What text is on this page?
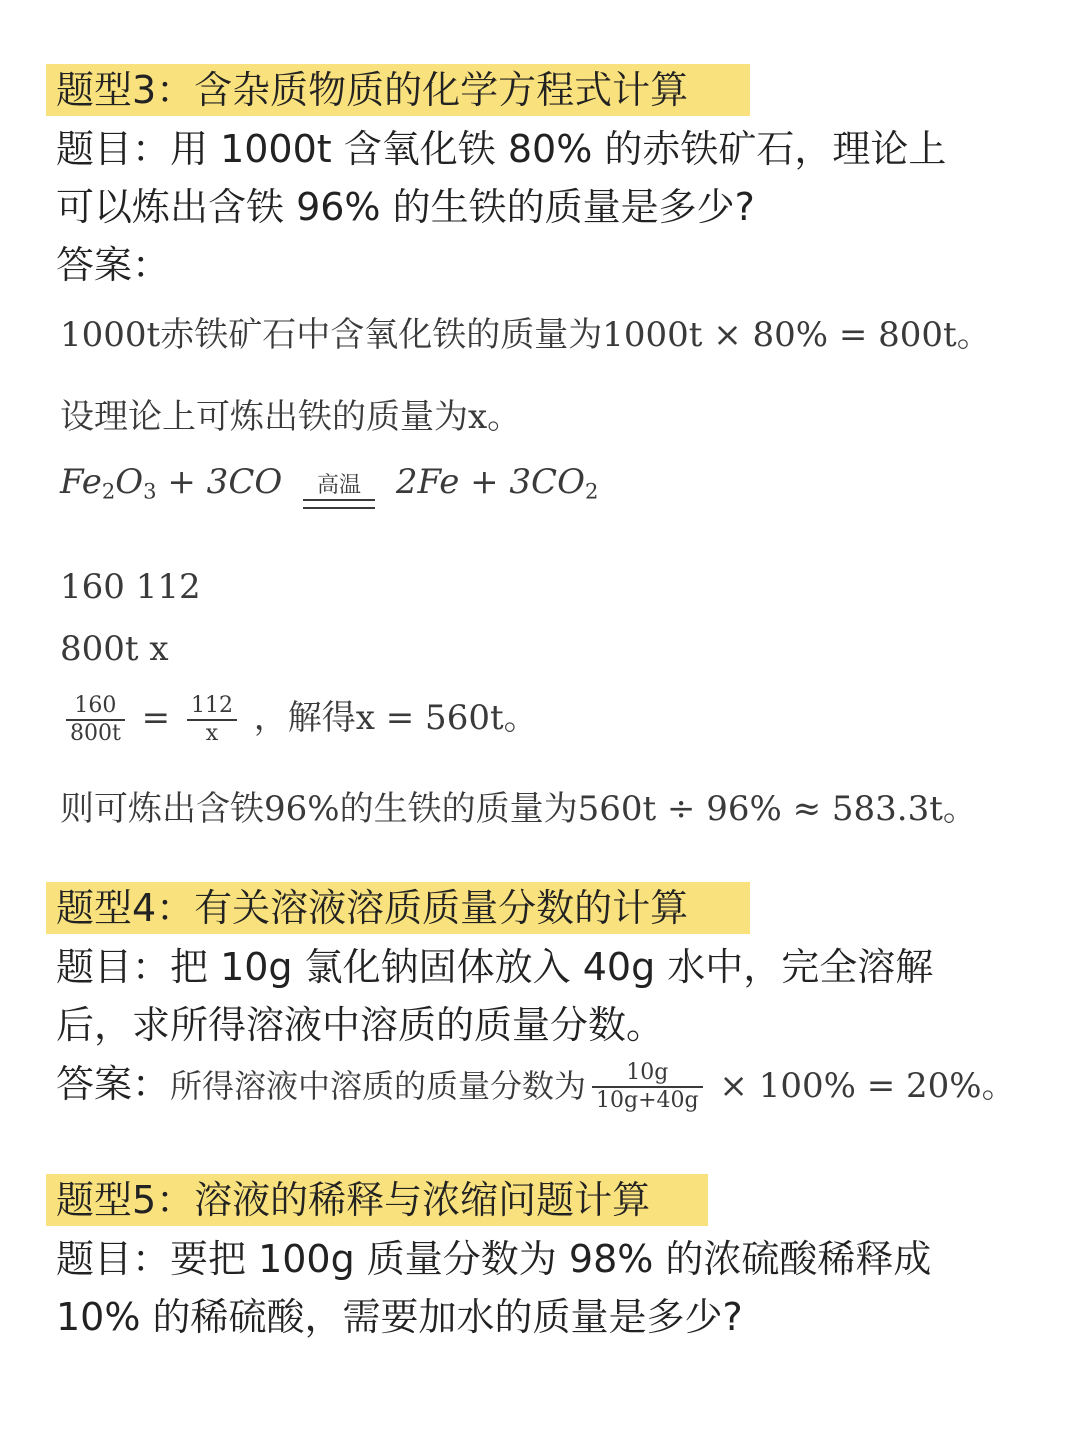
题型3：含杂质物质的化学方程式计算
题目：用 1000t 含氧化铁 80% 的赤铁矿石，理论上
可以炼出含铁 96% 的生铁的质量是多少?
答案：
1000t赤铁矿石中含氧化铁的质量为1000t × 80% = 800t。
设理论上可炼出铁的质量为x。
$Fe_2O_3 + 3CO$ 高温 $2Fe + 3CO_2$
160 112
800t x
$\frac{160}{800t} = \frac{112}{x}$ ，解得x = 560t。
则可炼出含铁96%的生铁的质量为560t ÷ 96% ≈ 583.3t。
题型4：有关溶液溶质质量分数的计算
题目：把 10g 氯化钠固体放入 40g 水中，完全溶解
后，求所得溶液中溶质的质量分数。
答案：所得溶液中溶质的质量分数为 $\frac{10g}{10g+40g} \times 100\% = 20\%$。
题型5：溶液的稀释与浓缩问题计算
题目：要把 100g 质量分数为 98% 的浓硫酸稀释成
10% 的稀硫酸，需要加水的质量是多少?
